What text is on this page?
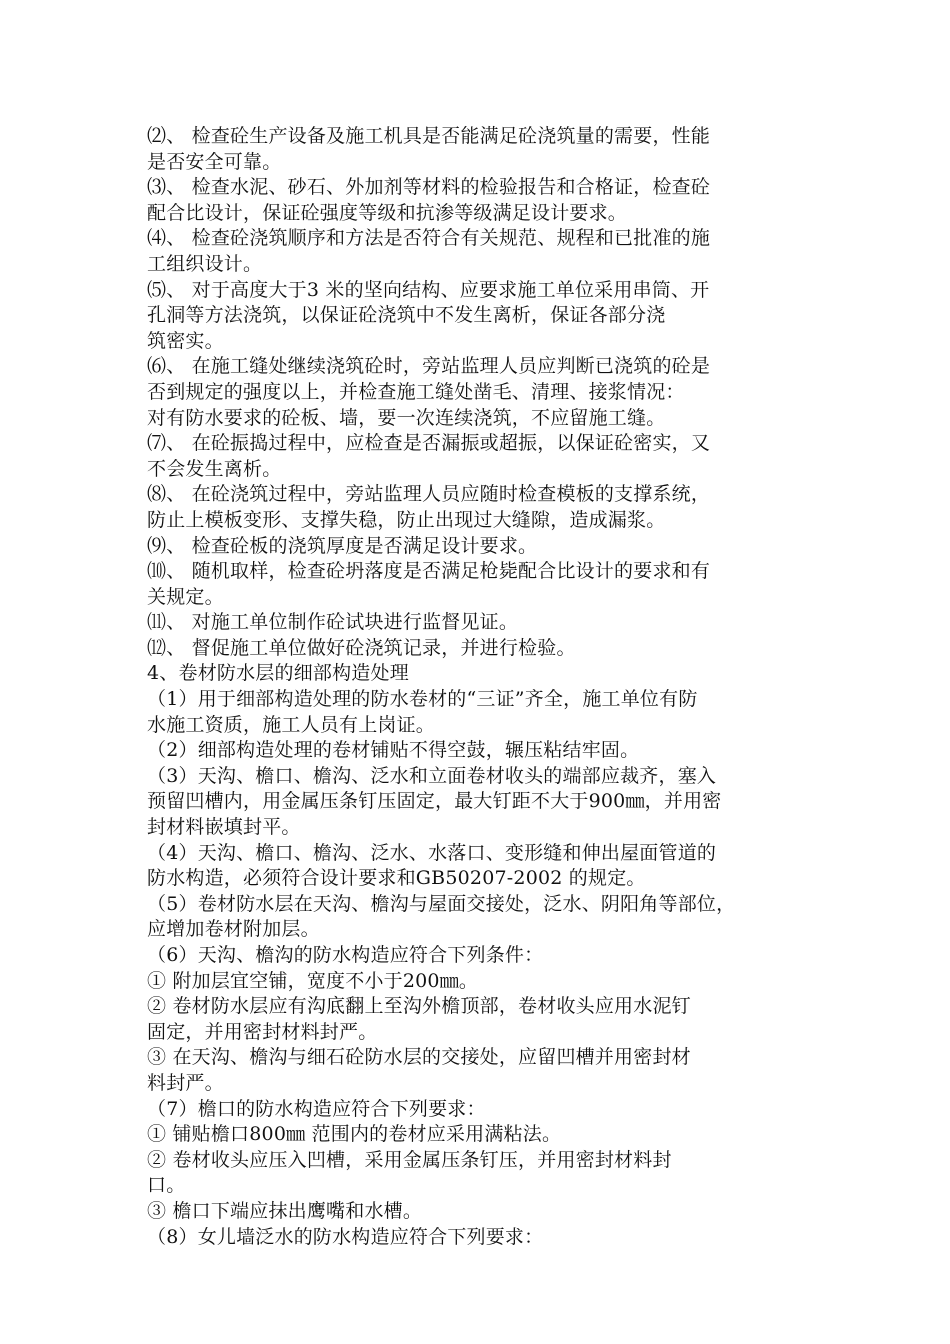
⑵、 检查砼生产设备及施工机具是否能满足砼浇筑量的需要，性能
是否安全可靠。
⑶、 检查水泥、砂石、外加剂等材料的检验报告和合格证，检查砼
配合比设计，保证砼强度等级和抗渗等级满足设计要求。
⑷、 检查砼浇筑顺序和方法是否符合有关规范、规程和已批准的施
工组织设计。
⑸、 对于高度大于3 米的坚向结构、应要求施工单位采用串筒、开
孔洞等方法浇筑，以保证砼浇筑中不发生离析，保证各部分浇
筑密实。
⑹、 在施工缝处继续浇筑砼时，旁站监理人员应判断已浇筑的砼是
否到规定的强度以上，并检查施工缝处凿毛、清理、接浆情况：
对有防水要求的砼板、墙，要一次连续浇筑，不应留施工缝。
⑺、 在砼振捣过程中，应检查是否漏振或超振，以保证砼密实，又
不会发生离析。
⑻、 在砼浇筑过程中，旁站监理人员应随时检查模板的支撑系统，
防止上模板变形、支撑失稳，防止出现过大缝隙，造成漏浆。
⑼、 检查砼板的浇筑厚度是否满足设计要求。
⑽、 随机取样，检查砼坍落度是否满足枪毙配合比设计的要求和有
关规定。
⑾、 对施工单位制作砼试块进行监督见证。
⑿、 督促施工单位做好砼浇筑记录，并进行检验。
4、卷材防水层的细部构造处理
（1）用于细部构造处理的防水卷材的“三证”齐全，施工单位有防
水施工资质，施工人员有上岗证。
（2）细部构造处理的卷材铺贴不得空鼓，辗压粘结牢固。
（3）天沟、檐口、檐沟、泛水和立面卷材收头的端部应裁齐，塞入
预留凹槽内，用金属压条钉压固定，最大钉距不大于900㎜，并用密
封材料嵌填封平。
（4）天沟、檐口、檐沟、泛水、水落口、变形缝和伸出屋面管道的
防水构造，必须符合设计要求和GB50207-2002 的规定。
（5）卷材防水层在天沟、檐沟与屋面交接处，泛水、阴阳角等部位，
应增加卷材附加层。
（6）天沟、檐沟的防水构造应符合下列条件：
① 附加层宜空铺，宽度不小于200㎜。
② 卷材防水层应有沟底翻上至沟外檐顶部，卷材收头应用水泥钉
固定，并用密封材料封严。
③ 在天沟、檐沟与细石砼防水层的交接处，应留凹槽并用密封材
料封严。
（7）檐口的防水构造应符合下列要求：
① 铺贴檐口800㎜ 范围内的卷材应采用满粘法。
② 卷材收头应压入凹槽，采用金属压条钉压，并用密封材料封
口。
③ 檐口下端应抹出鹰嘴和水槽。
（8）女儿墙泛水的防水构造应符合下列要求：
